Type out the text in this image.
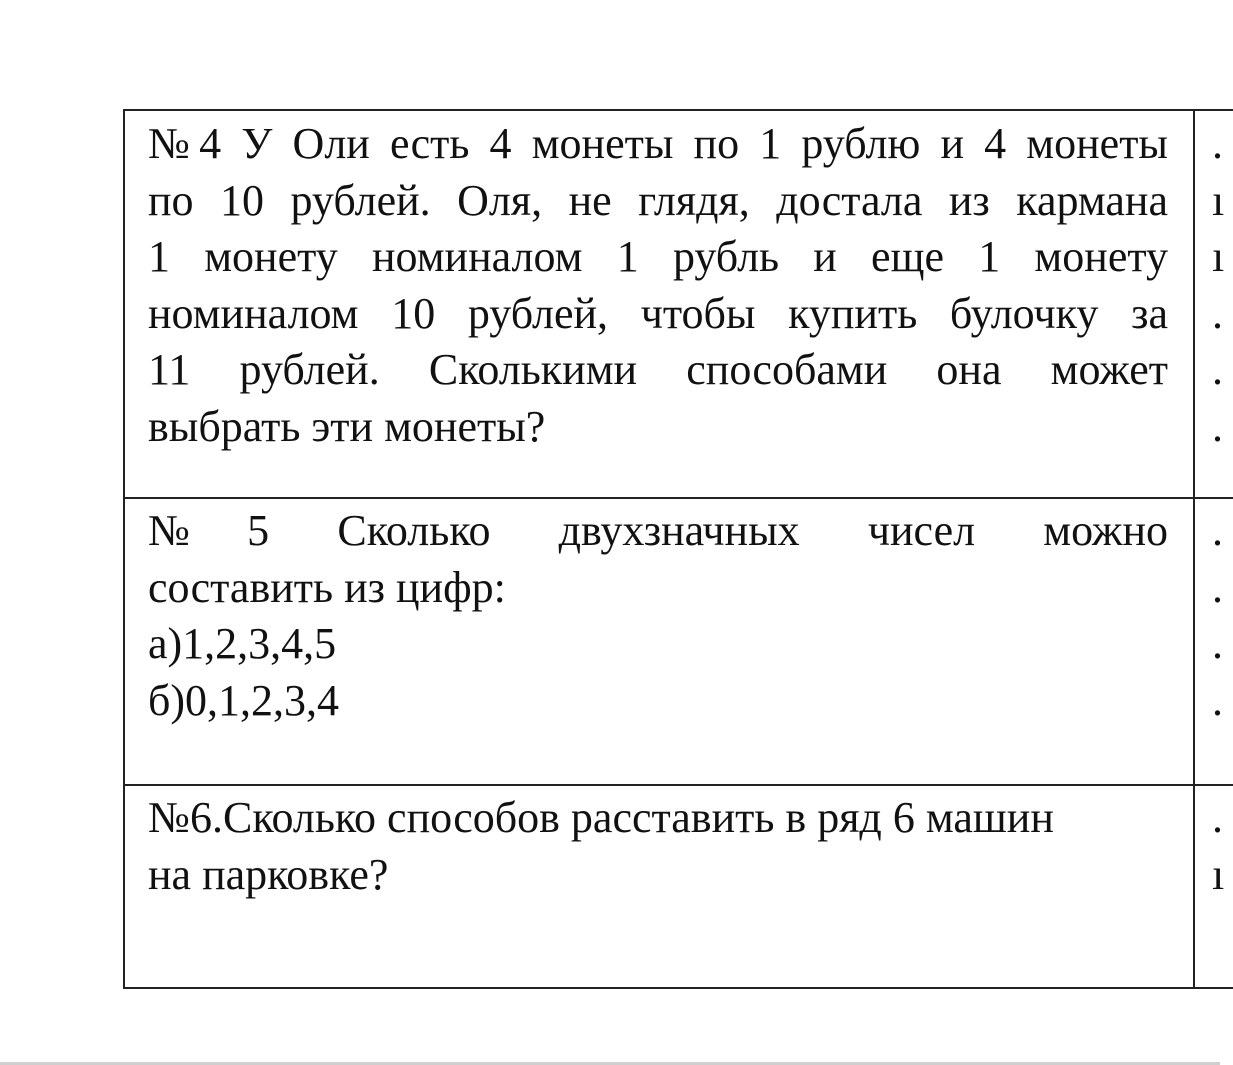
№4 У Оли есть 4 монеты по 1 рублю и 4 монеты
по 10 рублей. Оля, не глядя, достала из кармана
1 монету номиналом 1 рубль и еще 1 монету
номиналом 10 рублей, чтобы купить булочку за
11 рублей. Сколькими способами она может
выбрать эти монеты?
№5 Сколько двухзначных чисел можно
составить из цифр:
а)1,2,3,4,5
б)0,1,2,3,4
№6.Сколько способов расставить в ряд 6 машин
на парковке?
.
ı
ı
.
.
.
.
.
.
.
.
ı
